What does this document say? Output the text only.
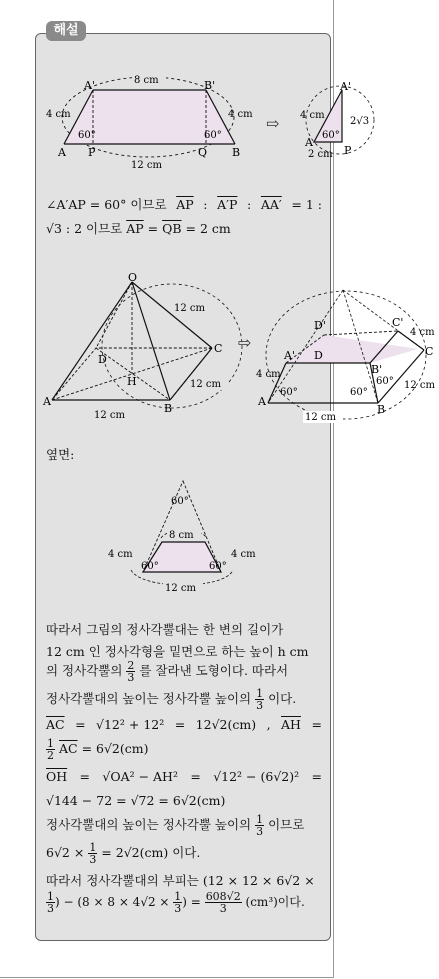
해설
A'	B'
A P	Q B
8 cm
12 cm
4 cm	4 cm
60°	60°
⇨
A'
A
P
4 cm
60°
2 cm
2√3
∠A′AP = 60° 이므로 $\overline{AP}$ : A′P : AA′ = 1 :
√3 : 2 이므로 $\overline{AP} = \overline{QB} = 2$ cm
O
D
C
H
A
B
12 cm
12 cm
12 cm
⇨
D'	C'
A' D
B'
C
A
B
4 cm
4 cm
60°	60°
60° 12 cm
12 cm
옆면:
60°
8 cm
4 cm	4 cm
60°	60°
12 cm
따라서 그림의 정사각뿔대는 한 변의 길이가
12 cm 인 정사각형을 밑면으로 하는 높이 h cm
의 정사각뿔의 $\frac{2}{3}$ 를 잘라낸 도형이다. 따라서
정사각뿔대의 높이는 정사각뿔 높이의 $\frac{1}{3}$ 이다.
$\overline{AC} = √12^2 + 12^2 = 12√2(cm)$ , $\overline{AH}$ =
$\frac{1}{2} \overline{AC} = 6√2(cm)$
$\overline{OH} = √OA^2 - AH^2 = √12^2 - (6√2)^2$ =
√144 − 72 = √72 = 6√2(cm)
정사각뿔대의 높이는 정사각뿔 높이의 $\frac{1}{3}$ 이므로
$6√2 \times \frac{1}{3} = 2√2(cm)$ 이다.
따라서 정사각뿔대의 부피는 (12 × 12 × 6√2 ×
$\frac{1}{3}$ ) − ($8 \times 8 \times 4√2 \times \frac{1}{3}$ ) = $\frac{608√2}{3} (cm^3)$이다.
